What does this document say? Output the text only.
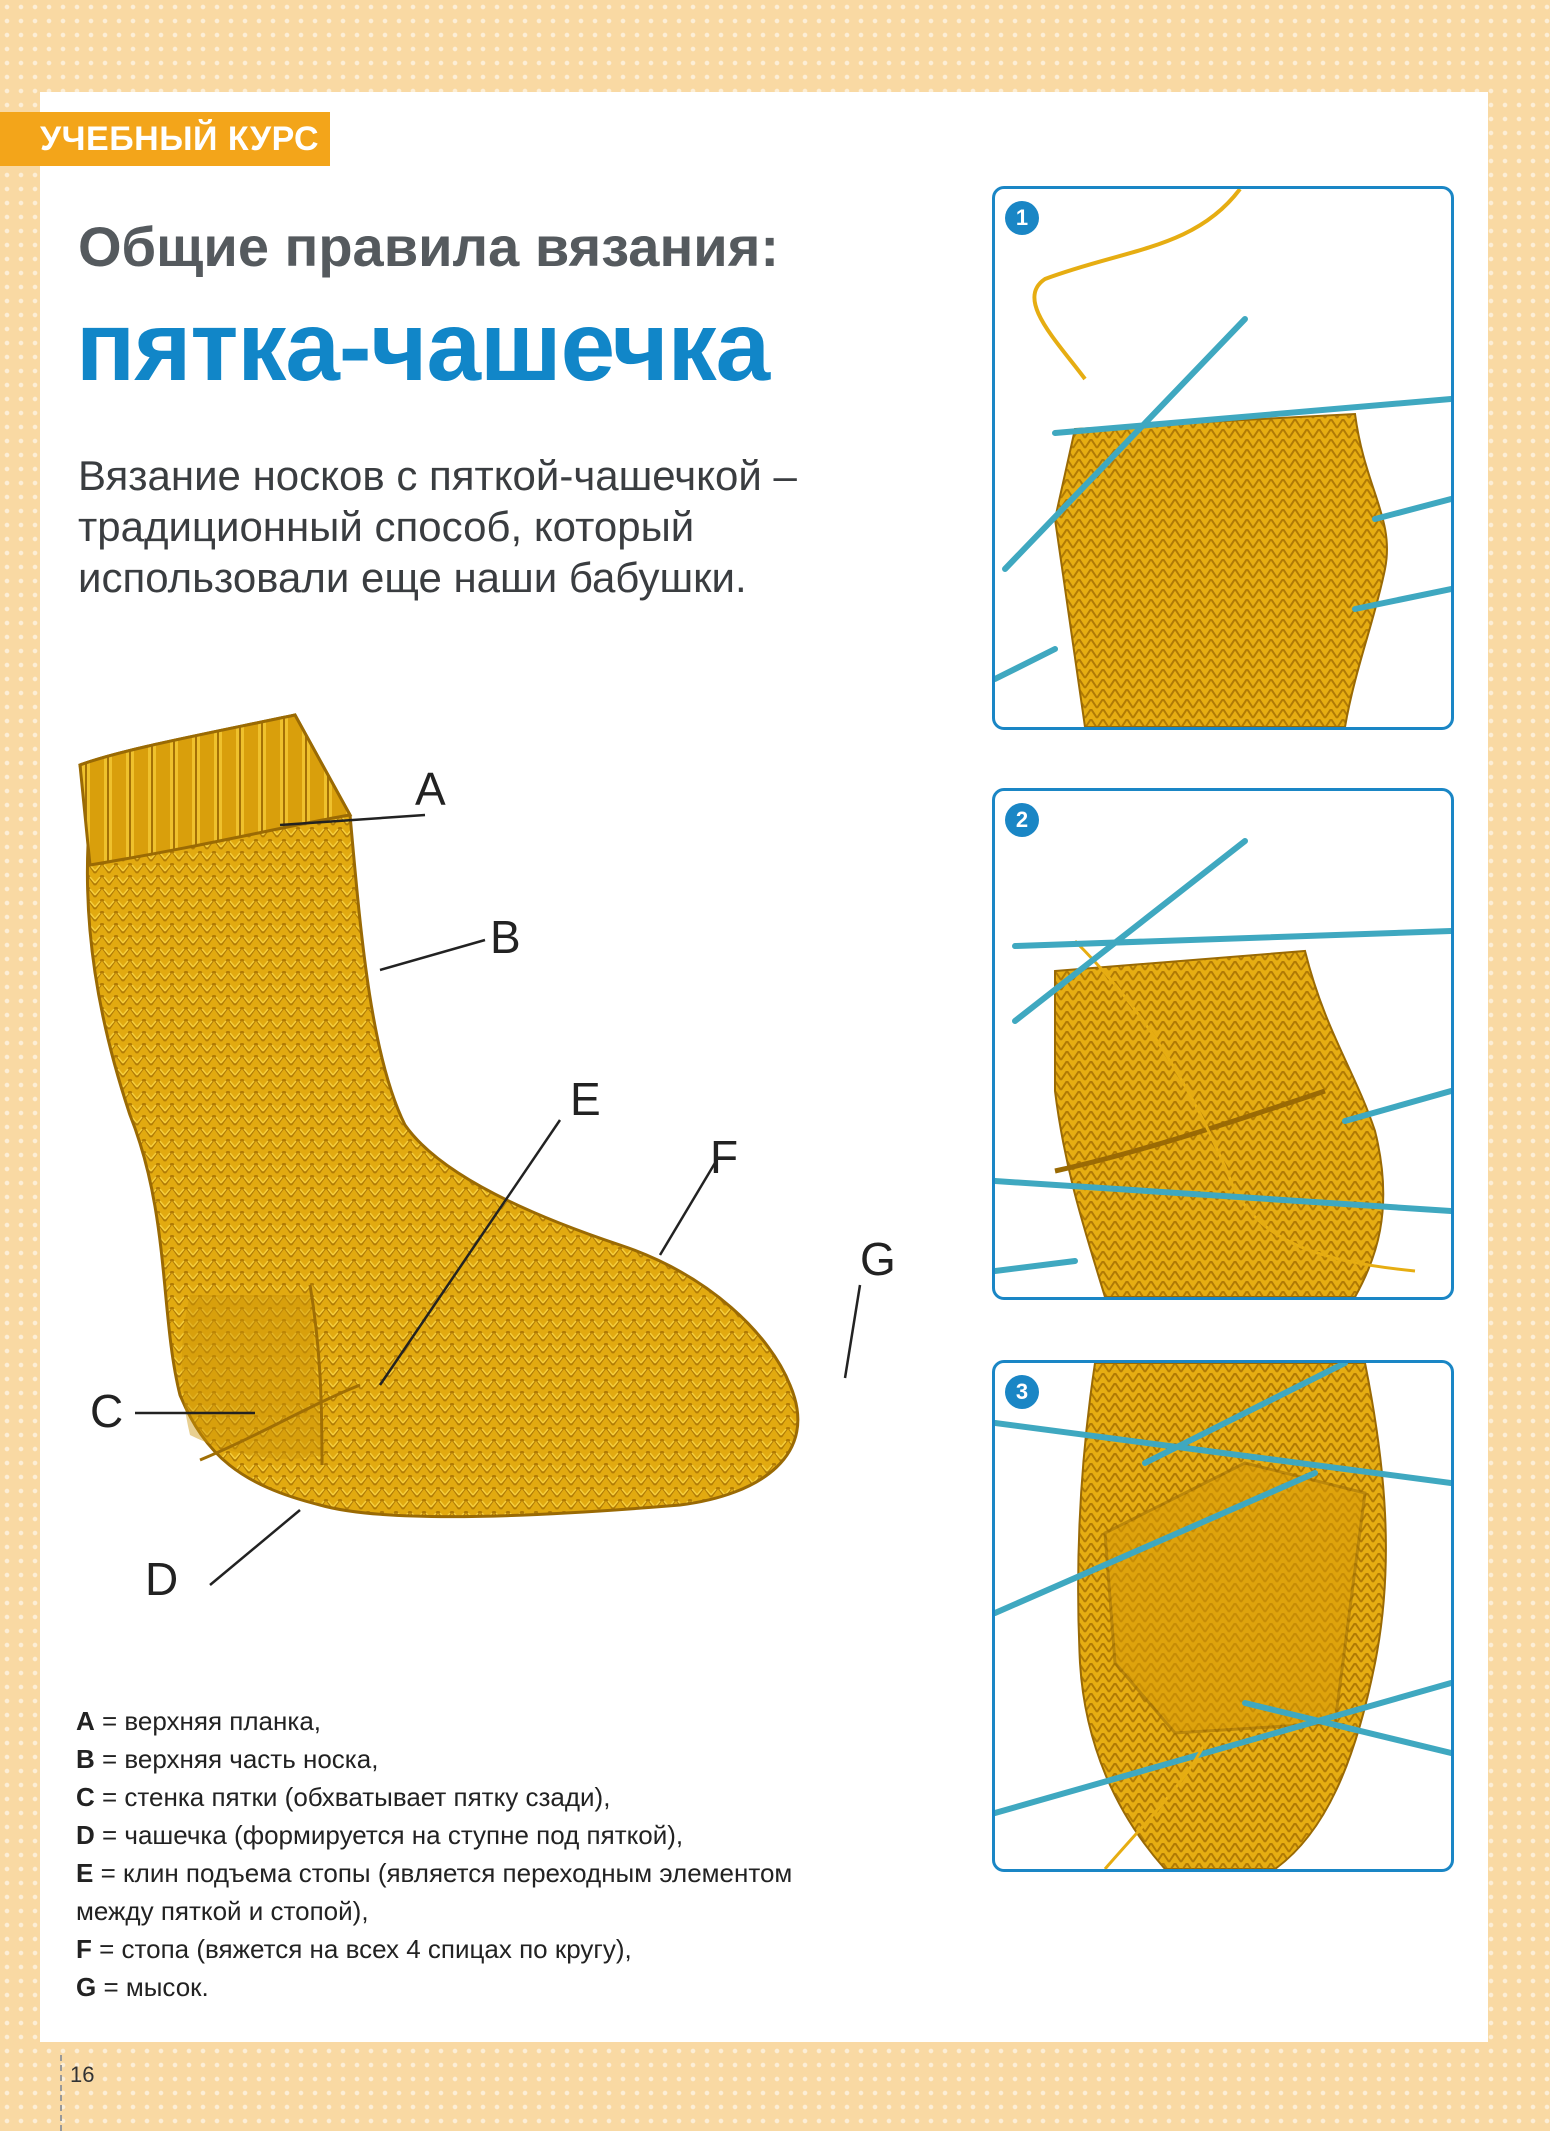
УЧЕБНЫЙ КУРС
Общие правила вязания:
пятка-чашечка
Вязание носков с пяткой-чашечкой –
традиционный способ, который
использовали еще наши бабушки.
A
B
E
F
G
C
D
A = верхняя планка,
B = верхняя часть носка,
C = стенка пятки (обхватывает пятку сзади),
D = чашечка (формируется на ступне под пяткой),
E = клин подъема стопы (является переходным элементом
между пяткой и стопой),
F = стопа (вяжется на всех 4 спицах по кругу),
G = мысок.
1
2
3
16
